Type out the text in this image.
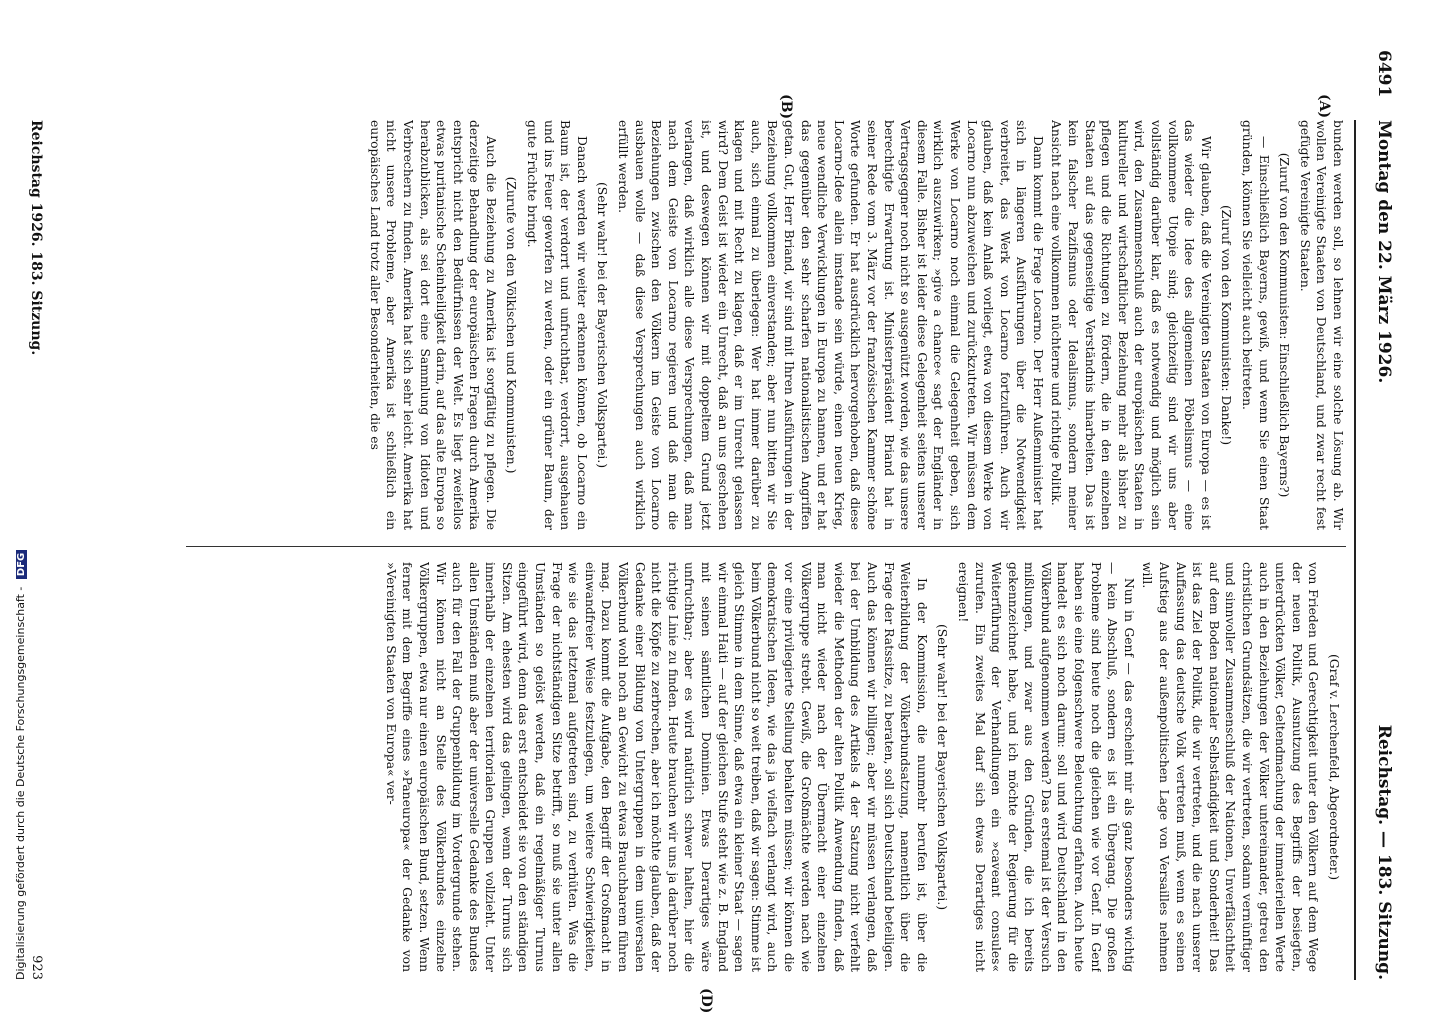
6491
Montag den 22. März 1926.
Reichstag. — 183. Sitzung.
(A)
(B)
(D)

bunden werden soll, so lehnen wir eine solche Lösung ab. Wir wollen Vereinigte Staaten von Deutschland, und zwar recht fest gefügte Vereinigte Staaten.

(Zuruf von den Kommunisten: Einschließlich Bayerns?)

— Einschließlich Bayerns, gewiß, und wenn Sie einen Staat gründen, können Sie vielleicht auch beitreten.

(Zuruf von den Kommunisten: Danke!)

Wir glauben, daß die Vereinigten Staaten von Europa — es ist das wieder die Idee des allgemeinen Pöbelismus — eine vollkommene Utopie sind; gleichzeitig sind wir uns aber vollständig darüber klar, daß es notwendig und möglich sein wird, den Zusammenschluß auch der europäischen Staaten in kultureller und wirtschaftlicher Beziehung mehr als bisher zu pflegen und die Richtungen zu fördern, die in den einzelnen Staaten auf das gegenseitige Verständnis hinarbeiten. Das ist kein falscher Pazifismus oder Idealismus, sondern meiner Ansicht nach eine vollkommen nüchterne und richtige Politik.

Dann kommt die Frage Locarno. Der Herr Außenminister hat sich in längeren Ausführungen über die Notwendigkeit verbreitet, das Werk von Locarno fortzuführen. Auch wir glauben, daß kein Anlaß vorliegt, etwa von diesem Werke von Locarno nun abzuweichen und zurückzutreten. Wir müssen dem Werke von Locarno noch einmal die Gelegenheit geben, sich wirklich auszuwirken; »give a chance« sagt der Engländer in diesem Falle. Bisher ist leider diese Gelegenheit seitens unserer Vertragsgegner noch nicht so ausgenützt worden, wie das unsere berechtigte Erwartung ist. Ministerpräsident Briand hat in seiner Rede vom 3. März vor der französischen Kammer schöne Worte gefunden. Er hat ausdrücklich hervorgehoben, daß diese Locarno-Idee allein imstande sein würde, einen neuen Krieg, neue wendliche Verwicklungen in Europa zu bannen, und er hat das gegenüber den sehr scharfen nationalistischen Angriffen getan. Gut, Herr Briand, wir sind mit Ihren Ausführungen in der Beziehung vollkommen einverstanden; aber nun bitten wir Sie auch, sich einmal zu überlegen: Wer hat immer darüber zu klagen und mit Recht zu klagen, daß er im Unrecht gelassen wird? Dem Geist ist wieder ein Unrecht, daß an uns geschehen ist, und deswegen können wir mit doppeltem Grund jetzt verlangen, daß wirklich alle diese Versprechungen, daß man nach dem Geiste von Locarno regieren und daß man die Beziehungen zwischen den Völkern im Geiste von Locarno ausbauen wolle — daß diese Versprechungen auch wirklich erfüllt werden.

(Sehr wahr! bei der Bayerischen Volkspartei.)

Danach werden wir weiter erkennen können, ob Locarno ein Baum ist, der verdorrt und unfruchtbar, verdorrt, ausgehauen und ins Feuer geworfen zu werden, oder ein grüner Baum, der gute Früchte bringt.

(Zurufe von den Völkischen und Kommunisten.)

Auch die Beziehung zu Amerika ist sorgfältig zu pflegen. Die derzeitige Behandlung der europäischen Fragen durch Amerika entspricht nicht den Bedürfnissen der Welt. Es liegt zweifellos etwas puritanische Scheinheiligkeit darin, auf das alte Europa so herabzublicken, als sei dort eine Sammlung von Idioten und Verbrechern zu finden. Amerika hat sich sehr leicht. Amerika hat nicht unsere Probleme, aber Amerika ist schließlich ein europäisches Land trotz aller Besonderheiten, die es

(Graf v. Lerchenfeld, Abgeordneter.)

von Frieden und Gerechtigkeit unter den Völkern auf dem Wege der neuen Politik, Ausnutzung des Begriffs der besiegten, unterdrückten Völker, Geltendmachung der immateriellen Werte auch in den Beziehungen der Völker untereinander, getreu den christlichen Grundsätzen, die wir vertreten, sodann vernünftiger und sinnvoller Zusammenschluß der Nationen, Unverfälschtheit auf dem Boden nationaler Selbständigkeit und Sonderheit! Das ist das Ziel der Politik, die wir vertreten, und die nach unserer Auffassung das deutsche Volk vertreten muß, wenn es seinen Aufstieg aus der außenpolitischen Lage von Versailles nehmen will.

Nun in Genf — das erscheint mir als ganz besonders wichtig — kein Abschluß, sondern es ist ein Übergang. Die großen Probleme sind heute noch die gleichen wie vor Genf. In Genf haben sie eine folgenschwere Beleuchtung erfahren. Auch heute handelt es sich noch darum: soll und wird Deutschland in den Völkerbund aufgenommen werden? Das erstemal ist der Versuch mißlungen, und zwar aus den Gründen, die ich bereits gekennzeichnet habe, und ich möchte der Regierung für die Weiterführung der Verhandlungen ein »caveant consules« zurufen. Ein zweites Mal darf sich etwas Derartiges nicht ereignen!

(Sehr wahr! bei der Bayerischen Volkspartei.)

In der Kommission, die nunmehr berufen ist, über die Weiterbildung der Völkerbundsatzung, namentlich über die Frage der Ratssitze, zu beraten, soll sich Deutschland beteiligen. Auch das können wir billigen; aber wir müssen verlangen, daß bei der Umbildung des Artikels 4 der Satzung nicht verfehlt wieder die Methoden der alten Politik Anwendung finden, daß man nicht wieder nach der Übermacht einer einzelnen Völkergruppe strebt. Gewiß, die Großmächte werden nach wie vor eine privilegierte Stellung behalten müssen; wir können die demokratischen Ideen, wie das ja vielfach verlangt wird, auch beim Völkerbund nicht so weit treiben, daß wir sagen: Stimme ist gleich Stimme in dem Sinne, daß etwa ein kleiner Staat — sagen wir einmal Haiti — auf der gleichen Stufe steht wie z. B. England mit seinen sämtlichen Dominien. Etwas Derartiges wäre unfruchtbar; aber es wird natürlich schwer halten, hier die richtige Linie zu finden. Heute brauchen wir uns ja darüber noch nicht die Köpfe zu zerbrechen, aber ich möchte glauben, daß der Gedanke einer Bildung von Untergruppen in dem universalen Völkerbund wohl noch an Gewicht zu etwas Brauchbarem führen mag. Dazu kommt die Aufgabe, den Begriff der Großmacht in einwandfreier Weise festzulegen, um weitere Schwierigkeiten, wie sie das letztemal aufgetreten sind, zu verhüten. Was die Frage der nichtständigen Sitze betrifft, so muß sie unter allen Umständen so gelöst werden, daß ein regelmäßiger Turnus eingeführt wird, denn das erst entscheidet sie von den ständigen Sitzen. Am ehesten wird das gelingen, wenn der Turnus sich innerhalb der einzelnen territorialen Gruppen vollzieht. Unter allen Umständen muß aber der universelle Gedanke des Bundes auch für den Fall der Gruppenbildung im Vordergrunde stehen. Wir können nicht an Stelle des Völkerbundes einzelne Völkergruppen, etwa nur einen europäischen Bund, setzen. Wenn ferner mit dem Begriffe eines »Paneuropa« der Gedanke von »Vereinigten Staaten von Europa« ver-

Reichstag 1926. 183. Sitzung.
923
Digitalisierung gefördert durch die Deutsche Forschungsgemeinschaft - DFG
